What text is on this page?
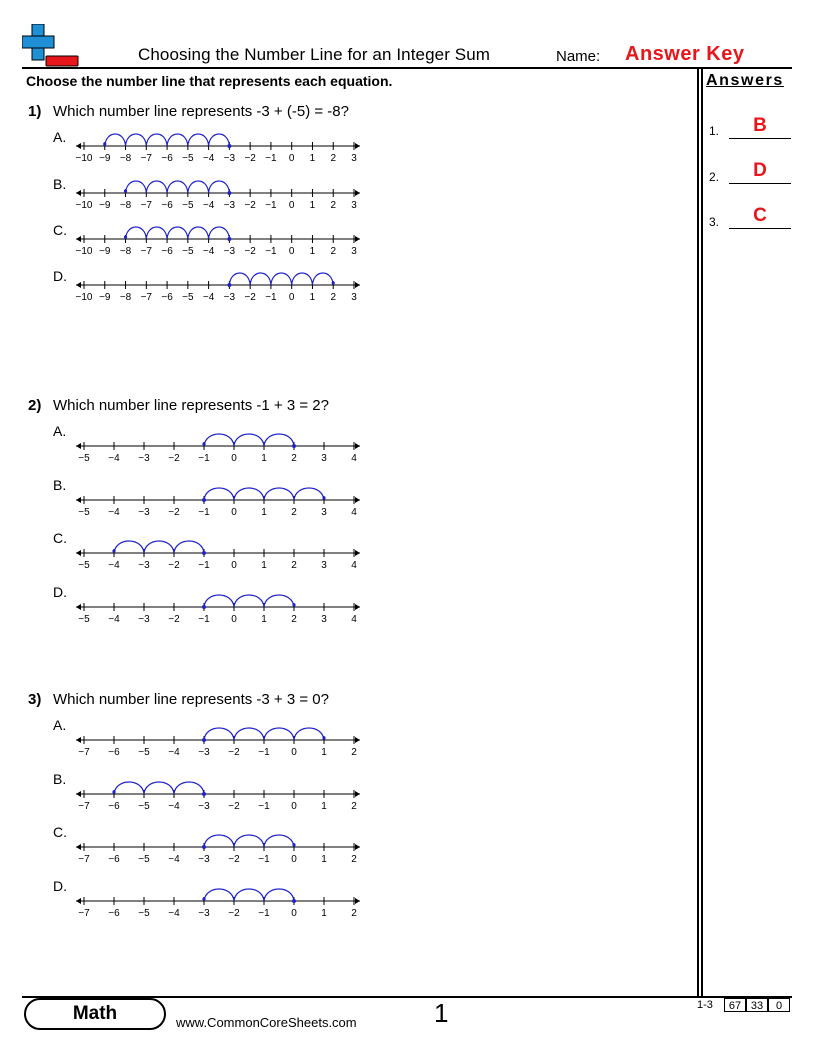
Choosing the Number Line for an Integer Sum	Name: Answer Key
Choose the number line that represents each equation.	Answers
1.	B
2.	D
3.	C
1) Which number line represents -3 + (-5) = -8?
A.
−10 −9 −8 −7 −6 −5 −4 −3 −2 −1 0 1 2 3
B.
−10 −9 −8 −7 −6 −5 −4 −3 −2 −1 0 1 2 3
C.
−10 −9 −8 −7 −6 −5 −4 −3 −2 −1 0 1 2 3
D.
−10 −9 −8 −7 −6 −5 −4 −3 −2 −1 0 1 2 3
2) Which number line represents -1 + 3 = 2?
A.
−5 −4 −3 −2 −1 0 1 2 3 4
B.
−5 −4 −3 −2 −1 0 1 2 3 4
C.
−5 −4 −3 −2 −1 0 1 2 3 4
D.
−5 −4 −3 −2 −1 0 1 2 3 4
3) Which number line represents -3 + 3 = 0?
A.
−7 −6 −5 −4 −3 −2 −1 0 1 2
B.
−7 −6 −5 −4 −3 −2 −1 0 1 2
C.
−7 −6 −5 −4 −3 −2 −1 0 1 2
D.
−7 −6 −5 −4 −3 −2 −1 0 1 2
Math	www.CommonCoreSheets.com	1	1-3	67 33	0
